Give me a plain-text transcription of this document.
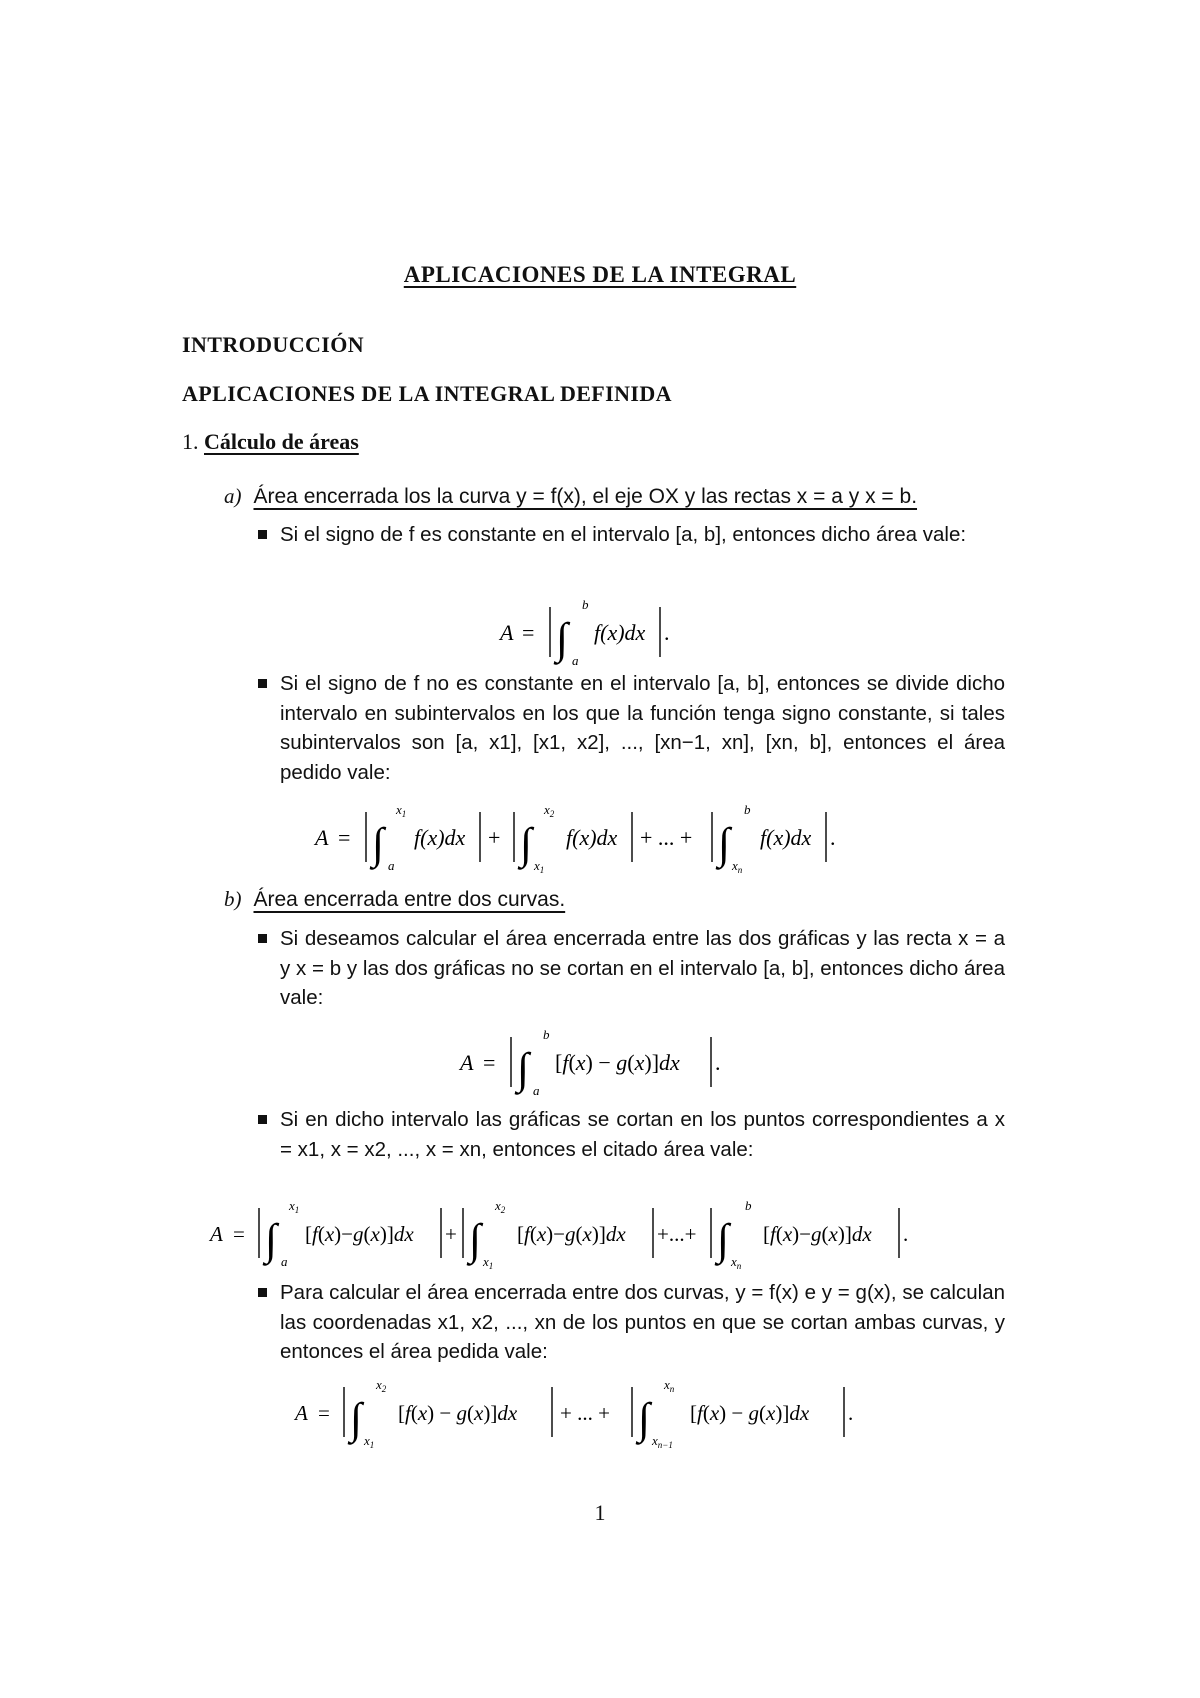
APLICACIONES DE LA INTEGRAL
INTRODUCCIÓN
APLICACIONES DE LA INTEGRAL DEFINIDA
1. Cálculo de áreas
a) Área encerrada los la curva y = f(x), el eje OX y las rectas x = a y x = b.
Si el signo de f es constante en el intervalo [a, b], entonces dicho área vale:
A = ∫
b
a
f(x)dx .
Si el signo de f no es constante en el intervalo [a, b], entonces se divide dicho intervalo en subintervalos en los que la función tenga signo constante, si tales subintervalos son [a, x1], [x1, x2], ..., [xn−1, xn], [xn, b], entonces el área pedido vale:
A = ∫
$x_1$
a
f(x)dx + ∫
$x_2$
$x_1$
f(x)dx + ... + ∫
b
$x_n$
f(x)dx .
b) Área encerrada entre dos curvas.
Si deseamos calcular el área encerrada entre las dos gráficas y las recta x = a y x = b y las dos gráficas no se cortan en el intervalo [a, b], entonces dicho área vale:
A = ∫
b
a
[f(x) − g(x)]dx .
Si en dicho intervalo las gráficas se cortan en los puntos correspondientes a x = x1, x = x2, ..., x = xn, entonces el citado área vale:
A = ∫
$x_1$
a
[f(x)−g(x)]dx + ∫
$x_2$
$x_1$
[f(x)−g(x)]dx +...+ ∫
b
$x_n$
[f(x)−g(x)]dx .
Para calcular el área encerrada entre dos curvas, y = f(x) e y = g(x), se calculan las coordenadas x1, x2, ..., xn de los puntos en que se cortan ambas curvas, y entonces el área pedida vale:
A = ∫
$x_2$
$x_1$
[f(x) − g(x)]dx + ... + ∫
$x_n$
$x_{n-1}$
[f(x) − g(x)]dx .
1
